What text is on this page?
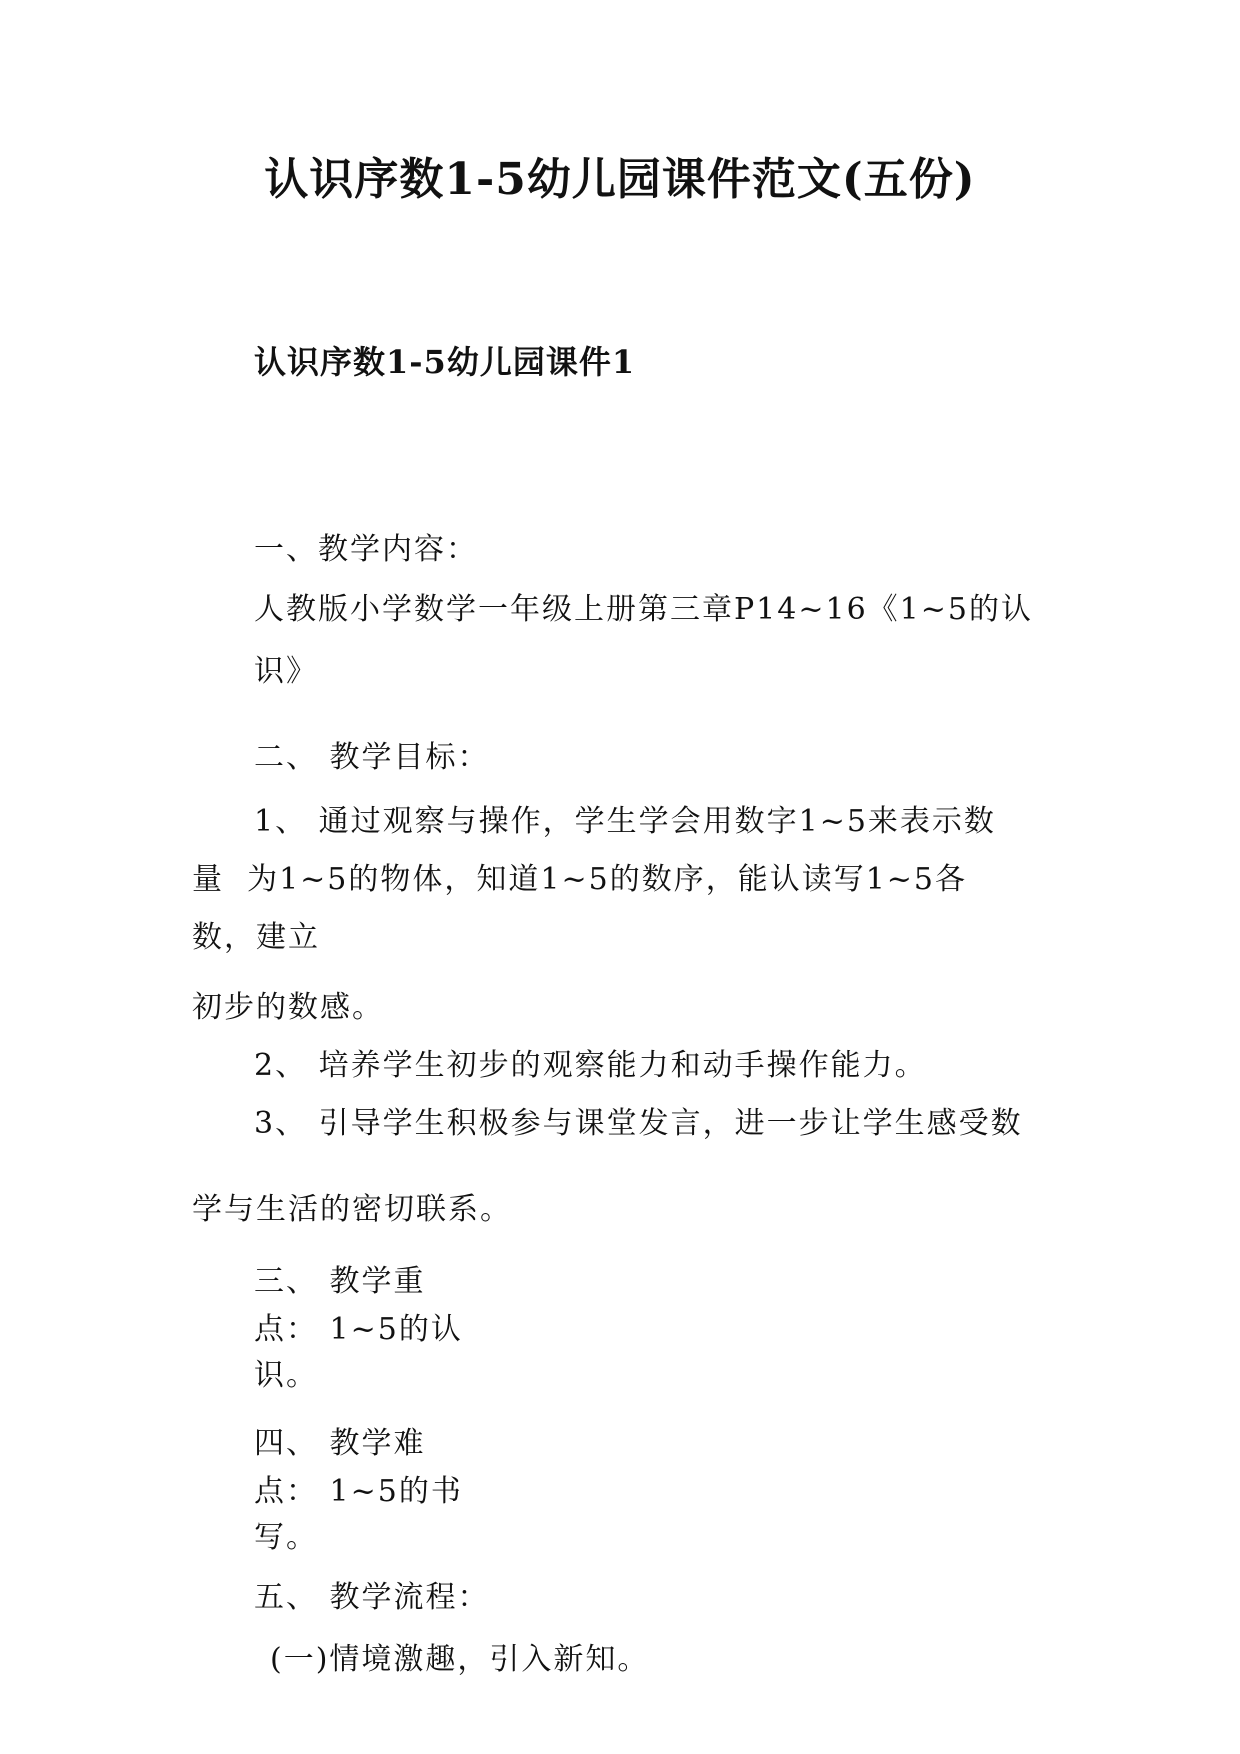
认识序数1-5幼儿园课件范文(五份)
认识序数1-5幼儿园课件1
一、教学内容：
人教版小学数学一年级上册第三章P14~16《1~5的认
识》
二、 教学目标：
1、 通过观察与操作，学生学会用数字1~5来表示数
量  为1~5的物体，知道1~5的数序，能认读写1~5各
数，建立
初步的数感。
2、 培养学生初步的观察能力和动手操作能力。
3、 引导学生积极参与课堂发言，进一步让学生感受数
学与生活的密切联系。
三、 教学重
点： 1~5的认
识。
四、 教学难
点： 1~5的书
写。
五、 教学流程：
(一)情境激趣，引入新知。
